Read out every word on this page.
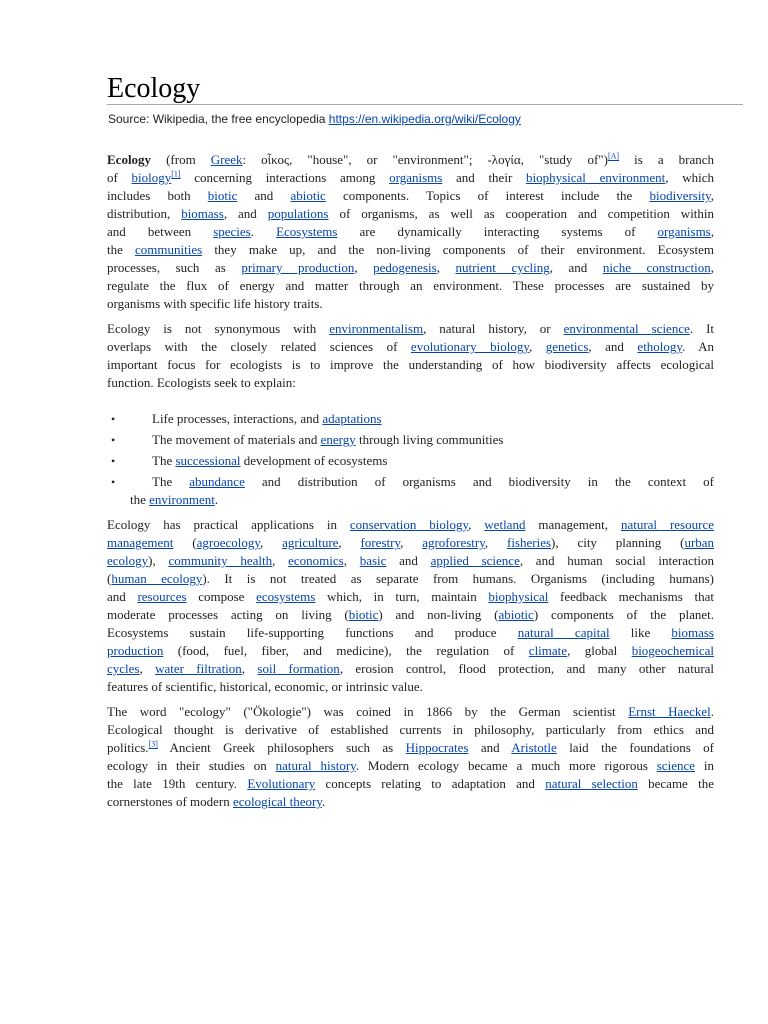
Ecology
Source: Wikipedia, the free encyclopedia https://en.wikipedia.org/wiki/Ecology
Ecology (from Greek: οἶκος, "house", or "environment"; -λογία, "study of")[A] is a branch
of biology[1] concerning interactions among organisms and their biophysical environment, which
includes both biotic and abiotic components. Topics of interest include the biodiversity,
distribution, biomass, and populations of organisms, as well as cooperation and competition within
and between species. Ecosystems are dynamically interacting systems of organisms,
the communities they make up, and the non-living components of their environment. Ecosystem
processes, such as primary production, pedogenesis, nutrient cycling, and niche construction,
regulate the flux of energy and matter through an environment. These processes are sustained by
organisms with specific life history traits.
Ecology is not synonymous with environmentalism, natural history, or environmental science. It
overlaps with the closely related sciences of evolutionary biology, genetics, and ethology. An
important focus for ecologists is to improve the understanding of how biodiversity affects ecological
function. Ecologists seek to explain:
•	Life processes, interactions, and adaptations
•	The movement of materials and energy through living communities
•	The successional development of ecosystems
•	The abundance and distribution of organisms and biodiversity in the context of
the environment.
Ecology has practical applications in conservation biology, wetland management, natural resource
management (agroecology, agriculture, forestry, agroforestry, fisheries), city planning (urban
ecology), community health, economics, basic and applied science, and human social interaction
(human ecology). It is not treated as separate from humans. Organisms (including humans)
and resources compose ecosystems which, in turn, maintain biophysical feedback mechanisms that
moderate processes acting on living (biotic) and non-living (abiotic) components of the planet.
Ecosystems sustain life-supporting functions and produce natural capital like biomass
production (food, fuel, fiber, and medicine), the regulation of climate, global biogeochemical
cycles, water filtration, soil formation, erosion control, flood protection, and many other natural
features of scientific, historical, economic, or intrinsic value.
The word "ecology" ("Ökologie") was coined in 1866 by the German scientist Ernst Haeckel.
Ecological thought is derivative of established currents in philosophy, particularly from ethics and
politics.[3] Ancient Greek philosophers such as Hippocrates and Aristotle laid the foundations of
ecology in their studies on natural history. Modern ecology became a much more rigorous science in
the late 19th century. Evolutionary concepts relating to adaptation and natural selection became the
cornerstones of modern ecological theory.
